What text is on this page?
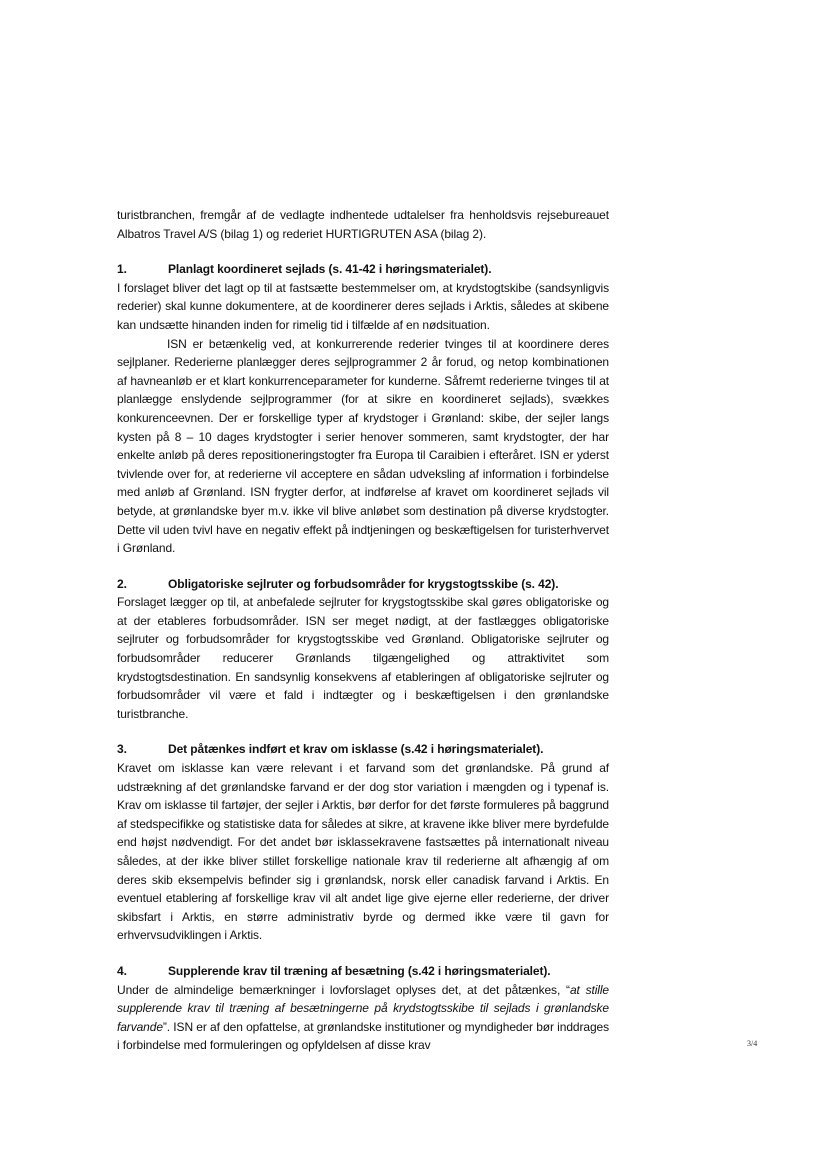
turistbranchen, fremgår af de vedlagte indhentede udtalelser fra henholdsvis rejsebureauet Albatros Travel A/S (bilag 1) og rederiet HURTIGRUTEN ASA (bilag 2).

1.	Planlagt koordineret sejlads (s. 41-42 i høringsmaterialet).

I forslaget bliver det lagt op til at fastsætte bestemmelser om, at krydstogtskibe (sandsynligvis rederier) skal kunne dokumentere, at de koordinerer deres sejlads i Arktis, således at skibene kan undsætte hinanden inden for rimelig tid i tilfælde af en nødsituation.

ISN er betænkelig ved, at konkurrerende rederier tvinges til at koordinere deres sejlplaner. Rederierne planlægger deres sejlprogrammer 2 år forud, og netop kombinationen af havneanløb er et klart konkurrenceparameter for kunderne. Såfremt rederierne tvinges til at planlægge enslydende sejlprogrammer (for at sikre en koordineret sejlads), svækkes konkurenceevnen. Der er forskellige typer af krydstoger i Grønland: skibe, der sejler langs kysten på 8 – 10 dages krydstogter i serier henover sommeren, samt krydstogter, der har enkelte anløb på deres repositioneringstogter fra Europa til Caraibien i efteråret. ISN er yderst tvivlende over for, at rederierne vil acceptere en sådan udveksling af information i forbindelse med anløb af Grønland. ISN frygter derfor, at indførelse af kravet om koordineret sejlads vil betyde, at grønlandske byer m.v. ikke vil blive anløbet som destination på diverse krydstogter. Dette vil uden tvivl have en negativ effekt på indtjeningen og beskæftigelsen for turisterhvervet i Grønland.

2.	Obligatoriske sejlruter og forbudsområder for krygstogtsskibe (s. 42).

Forslaget lægger op til, at anbefalede sejlruter for krygstogtsskibe skal gøres obligatoriske og at der etableres forbudsområder. ISN ser meget nødigt, at der fastlægges obligatoriske sejlruter og forbudsområder for krygstogtsskibe ved Grønland. Obligatoriske sejlruter og forbudsområder reducerer Grønlands tilgængelighed og attraktivitet som krydstogtsdestination. En sandsynlig konsekvens af etableringen af obligatoriske sejlruter og forbudsområder vil være et fald i indtægter og i beskæftigelsen i den grønlandske turistbranche.

3.	Det påtænkes indført et krav om isklasse (s.42 i høringsmaterialet).

Kravet om isklasse kan være relevant i et farvand som det grønlandske. På grund af udstrækning af det grønlandske farvand er der dog stor variation i mængden og i typenaf is. Krav om isklasse til fartøjer, der sejler i Arktis, bør derfor for det første formuleres på baggrund af stedspecifikke og statistiske data for således at sikre, at kravene ikke bliver mere byrdefulde end højst nødvendigt. For det andet bør isklassekravene fastsættes på internationalt niveau således, at der ikke bliver stillet forskellige nationale krav til rederierne alt afhængig af om deres skib eksempelvis befinder sig i grønlandsk, norsk eller canadisk farvand i Arktis. En eventuel etablering af forskellige krav vil alt andet lige give ejerne eller rederierne, der driver skibsfart i Arktis, en større administrativ byrde og dermed ikke være til gavn for erhvervsudviklingen i Arktis.

4.	Supplerende krav til træning af besætning (s.42 i høringsmaterialet).

Under de almindelige bemærkninger i lovforslaget oplyses det, at det påtænkes, “at stille supplerende krav til træning af besætningerne på krydstogtsskibe til sejlads i grønlandske farvande”. ISN er af den opfattelse, at grønlandske institutioner og myndigheder bør inddrages i forbindelse med formuleringen og opfyldelsen af disse krav	3/4
